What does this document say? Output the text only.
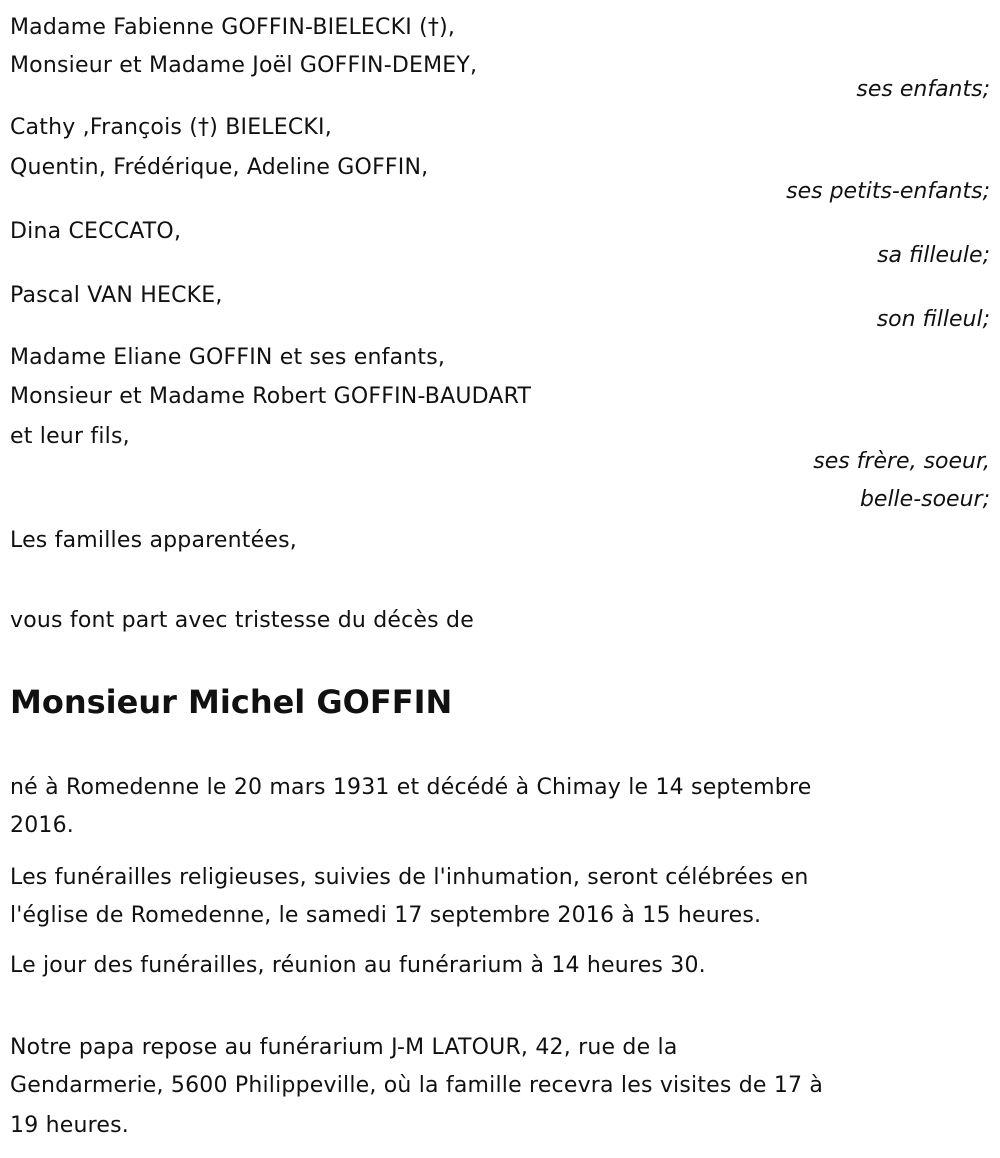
Madame Fabienne GOFFIN-BIELECKI (†),
Monsieur et Madame Joël GOFFIN-DEMEY,
ses enfants;
Cathy ,François (†) BIELECKI,
Quentin, Frédérique, Adeline GOFFIN,
ses petits-enfants;
Dina CECCATO,
sa filleule;
Pascal VAN HECKE,
son filleul;
Madame Eliane GOFFIN et ses enfants,
Monsieur et Madame Robert GOFFIN-BAUDART
et leur fils,
ses frère, soeur,
belle-soeur;
Les familles apparentées,
vous font part avec tristesse du décès de
Monsieur Michel GOFFIN
né à Romedenne le 20 mars 1931 et décédé à Chimay le 14 septembre
2016.
Les funérailles religieuses, suivies de l'inhumation, seront célébrées en
l'église de Romedenne, le samedi 17 septembre 2016 à 15 heures.
Le jour des funérailles, réunion au funérarium à 14 heures 30.
Notre papa repose au funérarium J-M LATOUR, 42, rue de la
Gendarmerie, 5600 Philippeville, où la famille recevra les visites de 17 à
19 heures.
